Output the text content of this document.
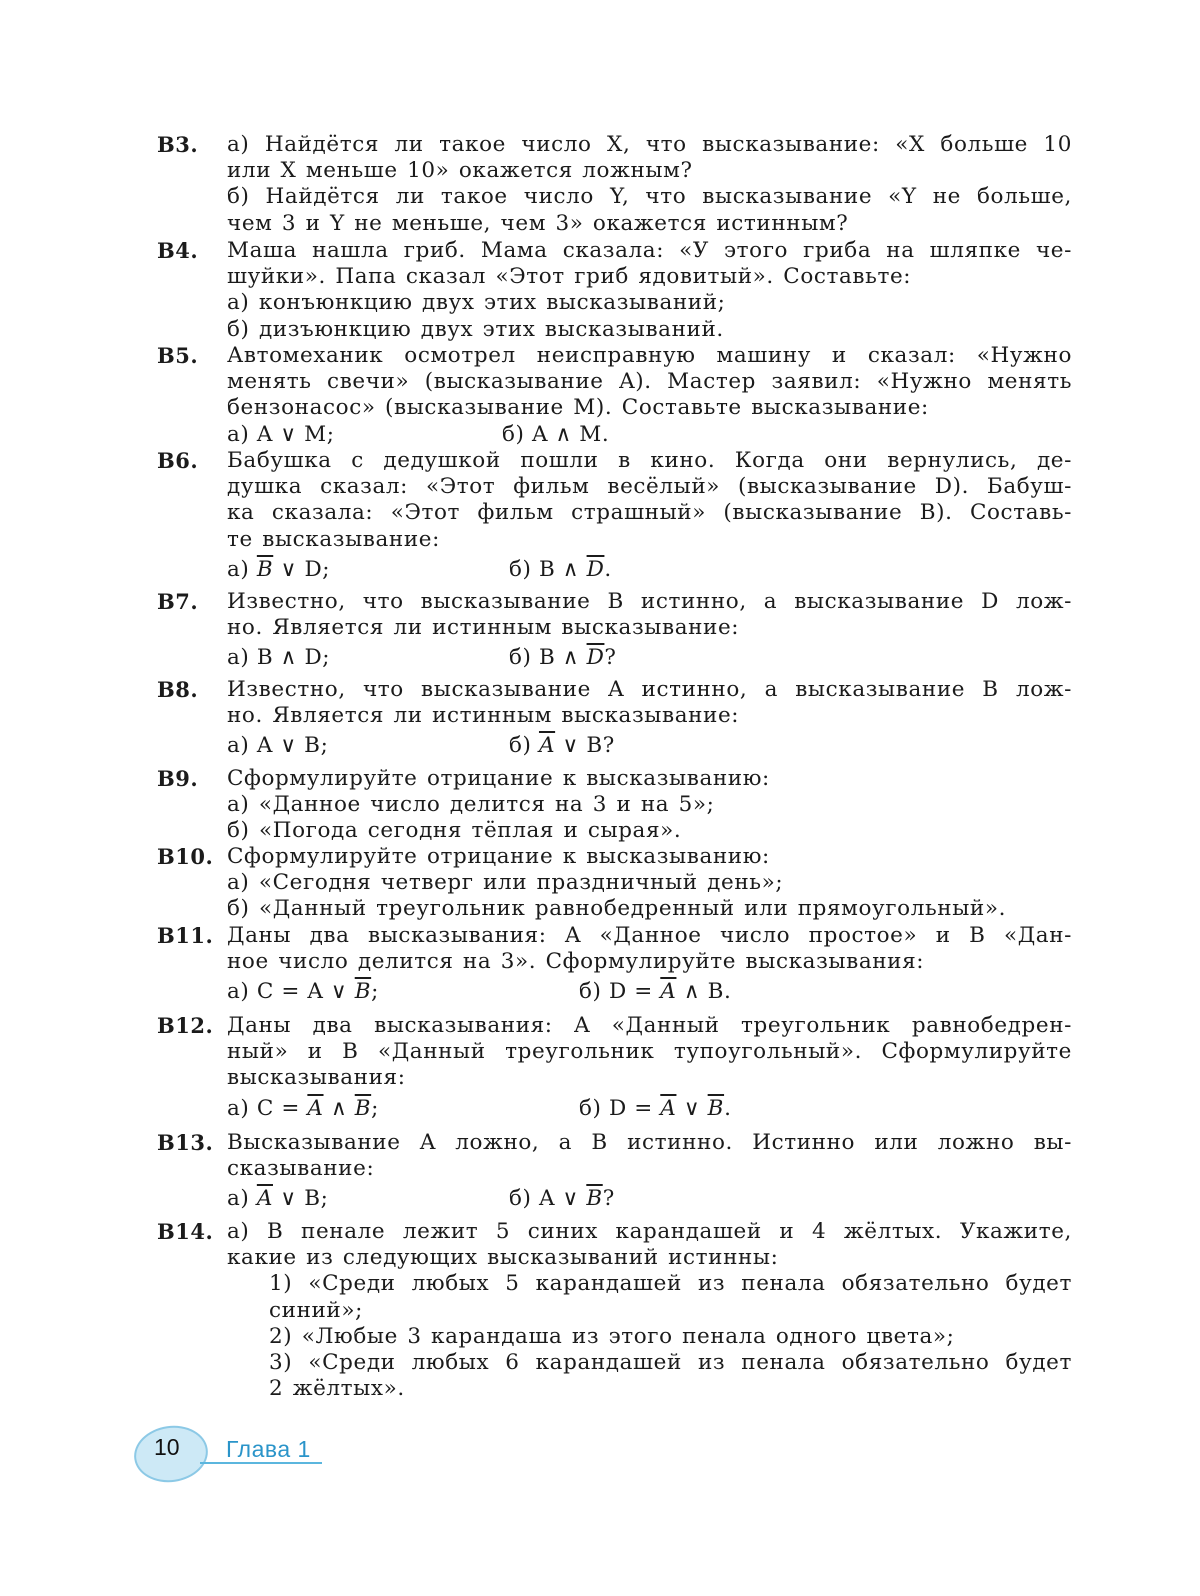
В3. а) Найдётся ли такое число X, что высказывание: «X больше 10
или X меньше 10» окажется ложным?
б) Найдётся ли такое число Y, что высказывание «Y не больше,
чем 3 и Y не меньше, чем 3» окажется истинным?
В4. Маша нашла гриб. Мама сказала: «У этого гриба на шляпке че-
шуйки». Папа сказал «Этот гриб ядовитый». Составьте:
а) конъюнкцию двух этих высказываний;
б) дизъюнкцию двух этих высказываний.
В5. Автомеханик осмотрел неисправную машину и сказал: «Нужно
менять свечи» (высказывание A). Мастер заявил: «Нужно менять
бензонасос» (высказывание M). Составьте высказывание:
а) A ∨ M;	б) A ∧ M.
В6. Бабушка с дедушкой пошли в кино. Когда они вернулись, де-
душка сказал: «Этот фильм весёлый» (высказывание D). Бабуш-
ка сказала: «Этот фильм страшный» (высказывание B). Составь-
те высказывание:
а) $\overline{B}$ ∨ D;	б) B ∧ $\overline{D}$.
В7. Известно, что высказывание B истинно, а высказывание D лож-
но. Является ли истинным высказывание:
а) B ∧ D;	б) B ∧ $\overline{D}$?
В8. Известно, что высказывание A истинно, а высказывание B лож-
но. Является ли истинным высказывание:
а) A ∨ B;	б) $\overline{A}$ ∨ B?
В9. Сформулируйте отрицание к высказыванию:
а) «Данное число делится на 3 и на 5»;
б) «Погода сегодня тёплая и сырая».
В10. Сформулируйте отрицание к высказыванию:
а) «Сегодня четверг или праздничный день»;
б) «Данный треугольник равнобедренный или прямоугольный».
В11. Даны два высказывания: A «Данное число простое» и B «Дан-
ное число делится на 3». Сформулируйте высказывания:
а) C = A ∨ $\overline{B}$;	б) $D = \overline{A}$ ∧ B.
В12. Даны два высказывания: A «Данный треугольник равнобедрен-
ный» и B «Данный треугольник тупоугольный». Сформулируйте
высказывания:
а) $C = \overline{A}$ ∧ $\overline{B}$;	б) $D = \overline{A}$ ∨ $\overline{B}$.
В13. Высказывание A ложно, а B истинно. Истинно или ложно вы-
сказывание:
а) $\overline{A}$ ∨ B;	б) A ∨ $\overline{B}$?
В14. а) В пенале лежит 5 синих карандашей и 4 жёлтых. Укажите,
какие из следующих высказываний истинны:
1) «Среди любых 5 карандашей из пенала обязательно будет
синий»;
2) «Любые 3 карандаша из этого пенала одного цвета»;
3) «Среди любых 6 карандашей из пенала обязательно будет
2 жёлтых».
10 Глава 1
